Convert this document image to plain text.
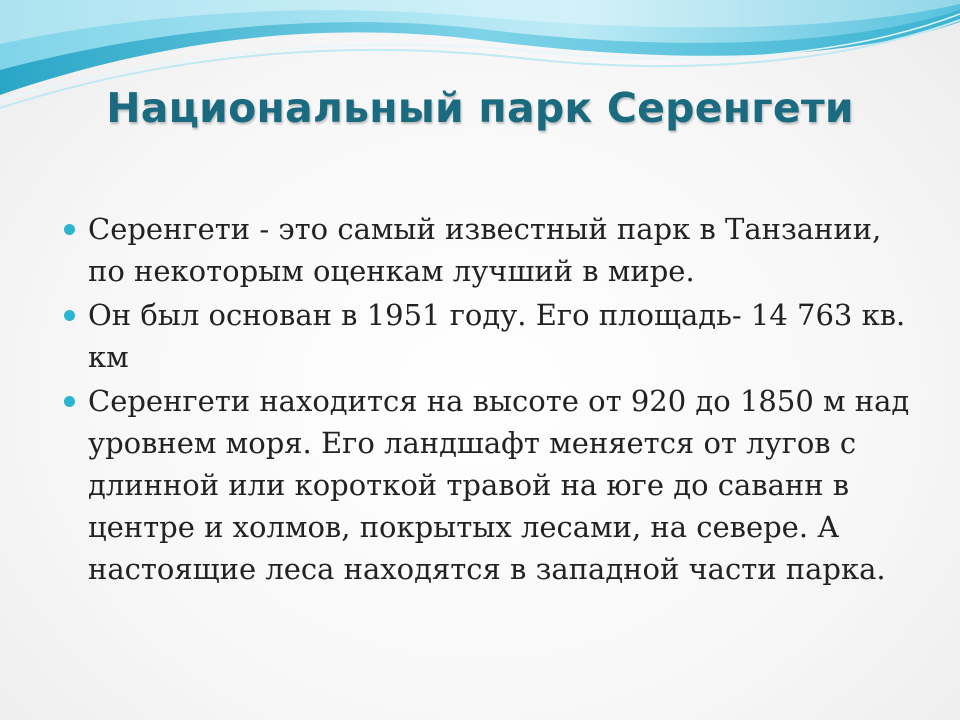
Национальный парк Серенгети
Серенгети - это самый известный парк в Танзании, по некоторым оценкам лучший в мире.
Он был основан в 1951 году. Его площадь- 14 763 кв. км
Серенгети находится на высоте от 920 до 1850 м над уровнем моря. Его ландшафт меняется от лугов с длинной или короткой травой на юге до саванн в центре и холмов, покрытых лесами, на севере. А настоящие леса находятся в западной части парка.
